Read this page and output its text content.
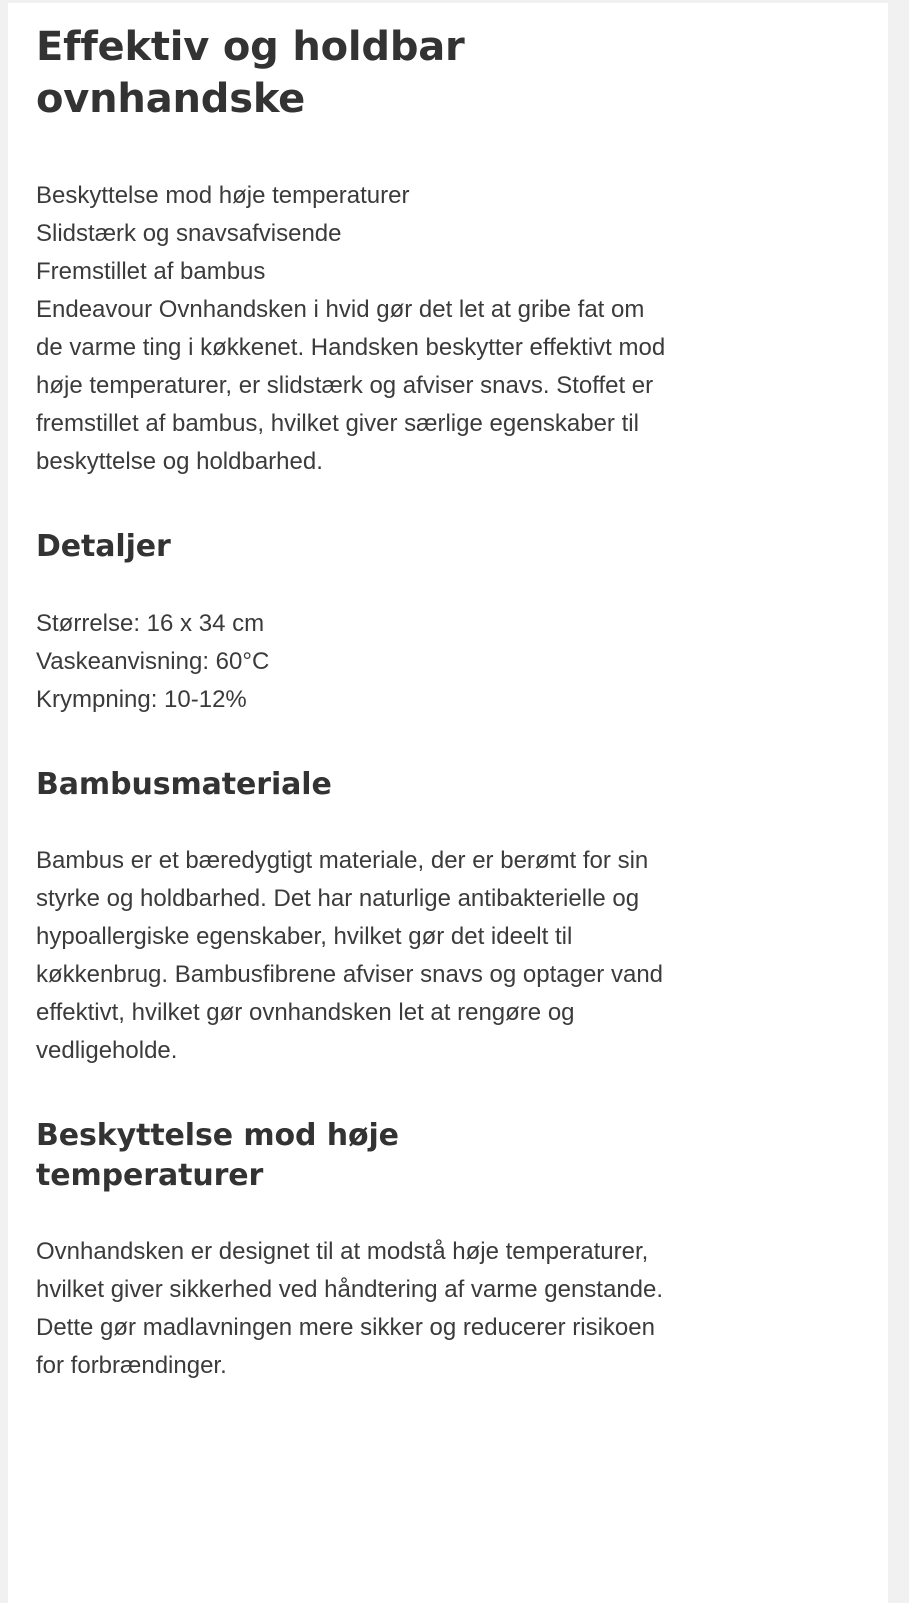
Effektiv og holdbar ovnhandske
Beskyttelse mod høje temperaturer
Slidstærk og snavsafvisende
Fremstillet af bambus
Endeavour Ovnhandsken i hvid gør det let at gribe fat om de varme ting i køkkenet. Handsken beskytter effektivt mod høje temperaturer, er slidstærk og afviser snavs. Stoffet er fremstillet af bambus, hvilket giver særlige egenskaber til beskyttelse og holdbarhed.
Detaljer
Størrelse: 16 x 34 cm
Vaskeanvisning: 60°C
Krympning: 10-12%
Bambusmateriale

Bambus er et bæredygtigt materiale, der er berømt for sin styrke og holdbarhed. Det har naturlige antibakterielle og hypoallergiske egenskaber, hvilket gør det ideelt til køkkenbrug. Bambusfibrene afviser snavs og optager vand effektivt, hvilket gør ovnhandsken let at rengøre og vedligeholde.

Beskyttelse mod høje temperaturer

Ovnhandsken er designet til at modstå høje temperaturer, hvilket giver sikkerhed ved håndtering af varme genstande. Dette gør madlavningen mere sikker og reducerer risikoen for forbrændinger.
